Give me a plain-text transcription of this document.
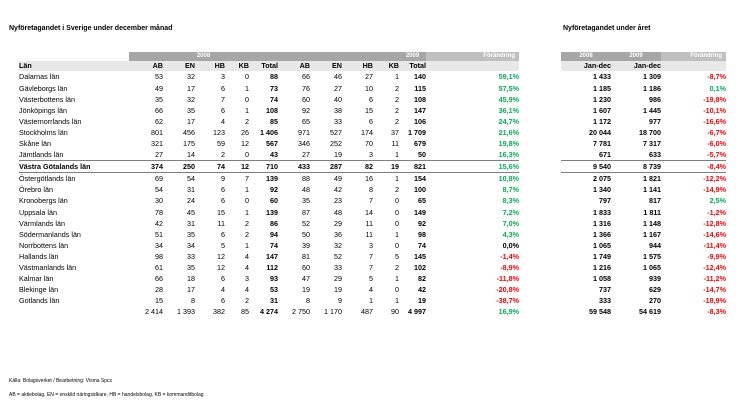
Nyföretagandet i Sverige under december månad	Nyföretagandet under året
	2008									2009	Förändring
Län	AB	EN	HB	KB	Total	AB	EN	HB	KB	Total	
Dalarnas län	53	32	3	0	88	66	46	27	1	140	59,1%
Gävleborgs län	49	17	6	1	73	76	27	10	2	115	57,5%
Västerbottens län	35	32	7	0	74	60	40	6	2	108	45,9%
Jönköpings län	66	35	6	1	108	92	38	15	2	147	36,1%
Västernorrlands län	62	17	4	2	85	65	33	6	2	106	24,7%
Stockholms län	801	456	123	26	1 406	971	527	174	37	1 709	21,6%
Skåne län	321	175	59	12	567	346	252	70	11	679	19,8%
Jämtlands län	27	14	2	0	43	27	19	3	1	50	16,3%
Västra Götalands län	374	250	74	12	710	433	287	82	19	821	15,6%
Östergötlands län	69	54	9	7	139	88	49	16	1	154	10,8%
Örebro län	54	31	6	1	92	48	42	8	2	100	8,7%
Kronobergs län	30	24	6	0	60	35	23	7	0	65	8,3%
Uppsala län	78	45	15	1	139	87	48	14	0	149	7,2%
Värmlands län	42	31	11	2	86	52	29	11	0	92	7,0%
Södermanlands län	51	35	6	2	94	50	36	11	1	98	4,3%
Norrbottens län	34	34	5	1	74	39	32	3	0	74	0,0%
Hallands län	98	33	12	4	147	81	52	7	5	145	-1,4%
Västmanlands län	61	35	12	4	112	60	33	7	2	102	-8,9%
Kalmar län	66	18	6	3	93	47	29	5	1	82	-11,8%
Blekinge län	28	17	4	4	53	19	19	4	0	42	-20,8%
Gotlands län	15	8	6	2	31	8	9	1	1	19	-38,7%
	2 414	1 393	382	85	4 274	2 750	1 170	487	90	4 997	16,9%
2008	2009	Förändring
Jan-dec	Jan-dec	
1 433	1 309	-8,7%
1 185	1 186	0,1%
1 230	986	-19,8%
1 607	1 445	-10,1%
1 172	977	-16,6%
20 044	18 700	-6,7%
7 781	7 317	-6,0%
671	633	-5,7%
9 540	8 739	-8,4%
2 075	1 821	-12,2%
1 340	1 141	-14,9%
797	817	2,5%
1 833	1 811	-1,2%
1 316	1 148	-12,8%
1 366	1 167	-14,6%
1 065	944	-11,4%
1 749	1 575	-9,9%
1 216	1 065	-12,4%
1 058	939	-11,2%
737	629	-14,7%
333	270	-18,9%
59 548	54 619	-8,3%
Källa: Bolagsverket / Bearbetning: Visma Spcs
AB = aktiebolag, EN = enskild näringsidkare, HB = handelsbolag, KB = kommanditbolag
